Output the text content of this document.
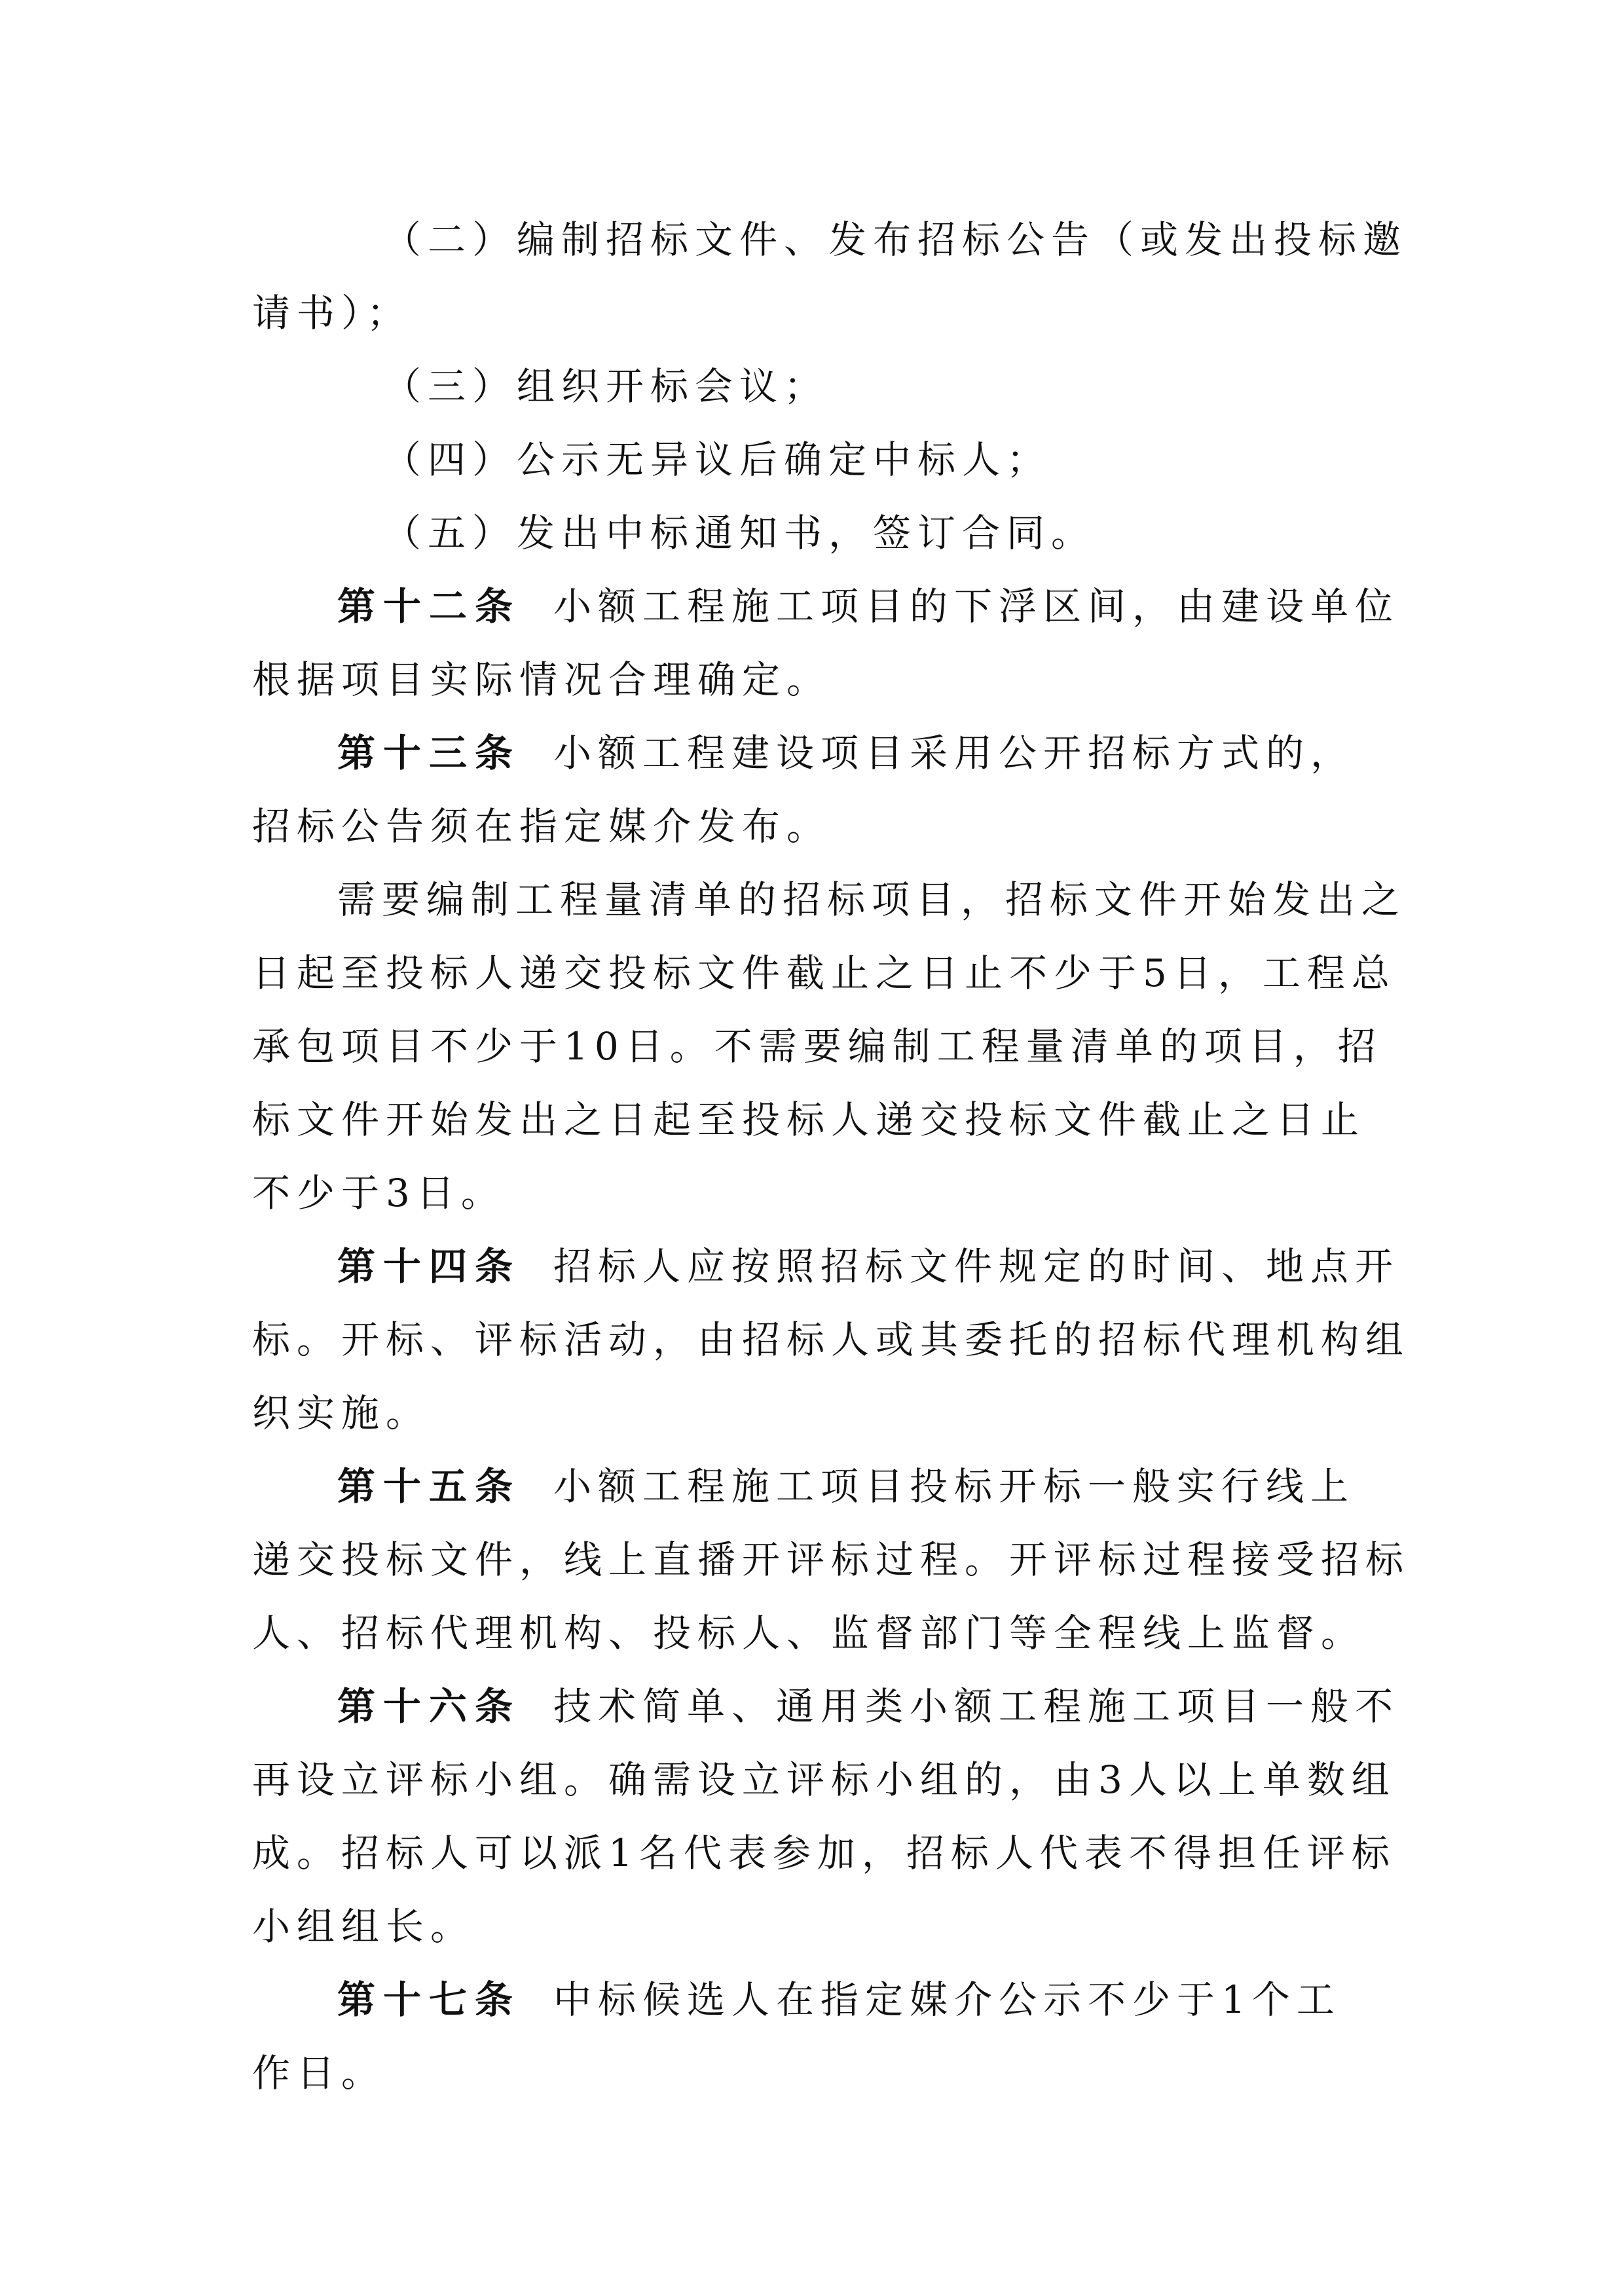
（二）编制招标文件、发布招标公告（或发出投标邀
请书）；
（三）组织开标会议；
（四）公示无异议后确定中标人；
（五）发出中标通知书，签订合同。
第十二条 小额工程施工项目的下浮区间，由建设单位
根据项目实际情况合理确定。
第十三条 小额工程建设项目采用公开招标方式的，
招标公告须在指定媒介发布。
需要编制工程量清单的招标项目，招标文件开始发出之
日起至投标人递交投标文件截止之日止不少于5日，工程总
承包项目不少于10日。不需要编制工程量清单的项目，招
标文件开始发出之日起至投标人递交投标文件截止之日止
不少于3日。
第十四条 招标人应按照招标文件规定的时间、地点开
标。开标、评标活动，由招标人或其委托的招标代理机构组
织实施。
第十五条 小额工程施工项目投标开标一般实行线上
递交投标文件，线上直播开评标过程。开评标过程接受招标
人、招标代理机构、投标人、监督部门等全程线上监督。
第十六条 技术简单、通用类小额工程施工项目一般不
再设立评标小组。确需设立评标小组的，由3人以上单数组
成。招标人可以派1名代表参加，招标人代表不得担任评标
小组组长。
第十七条 中标候选人在指定媒介公示不少于1个工
作日。
